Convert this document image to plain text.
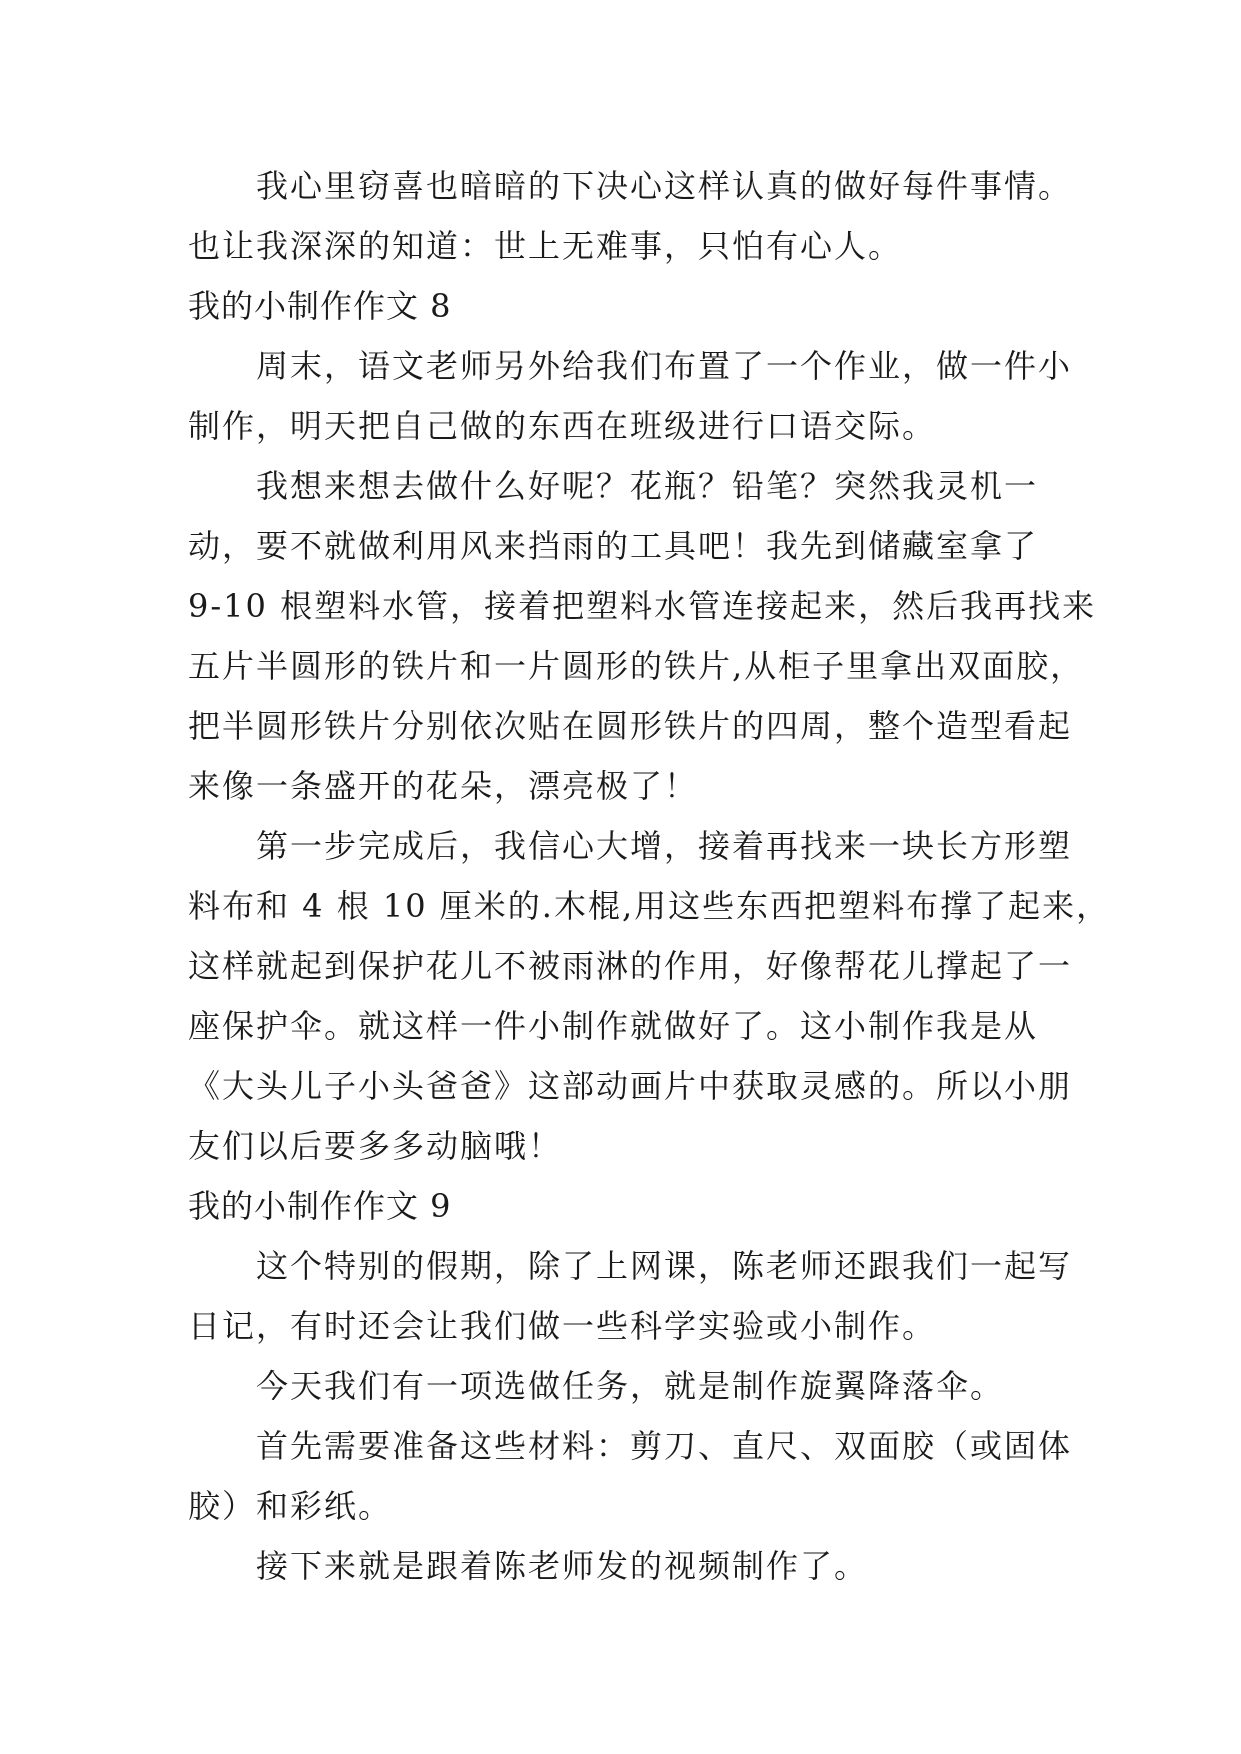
我心里窃喜也暗暗的下决心这样认真的做好每件事情。
也让我深深的知道：世上无难事，只怕有心人。
我的小制作作文 8
周末，语文老师另外给我们布置了一个作业，做一件小
制作，明天把自己做的东西在班级进行口语交际。
我想来想去做什么好呢？花瓶？铅笔？突然我灵机一
动，要不就做利用风来挡雨的工具吧！我先到储藏室拿了
9-10 根塑料水管，接着把塑料水管连接起来，然后我再找来
五片半圆形的铁片和一片圆形的铁片,从柜子里拿出双面胶，
把半圆形铁片分别依次贴在圆形铁片的四周，整个造型看起
来像一条盛开的花朵，漂亮极了！
第一步完成后，我信心大增，接着再找来一块长方形塑
料布和 4 根 10 厘米的.木棍,用这些东西把塑料布撑了起来，
这样就起到保护花儿不被雨淋的作用，好像帮花儿撑起了一
座保护伞。就这样一件小制作就做好了。这小制作我是从
《大头儿子小头爸爸》这部动画片中获取灵感的。所以小朋
友们以后要多多动脑哦！
我的小制作作文 9
这个特别的假期，除了上网课，陈老师还跟我们一起写
日记，有时还会让我们做一些科学实验或小制作。
今天我们有一项选做任务，就是制作旋翼降落伞。
首先需要准备这些材料：剪刀、直尺、双面胶（或固体
胶）和彩纸。
接下来就是跟着陈老师发的视频制作了。
